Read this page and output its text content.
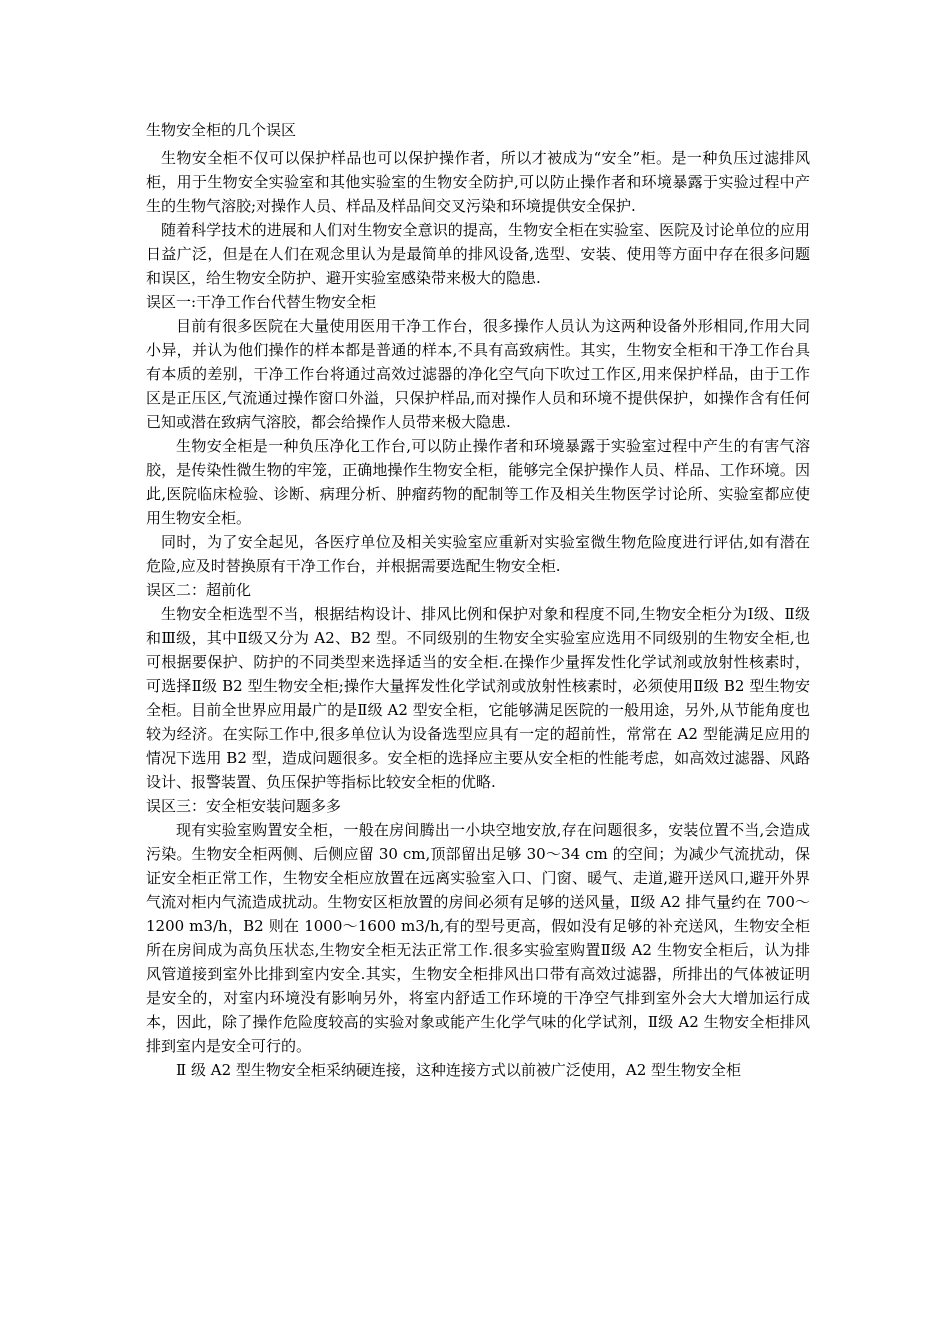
生物安全柜的几个误区

生物安全柜不仅可以保护样品也可以保护操作者，所以才被成为“安全”柜。是一种负压过滤排风柜，用于生物安全实验室和其他实验室的生物安全防护,可以防止操作者和环境暴露于实验过程中产生的生物气溶胶;对操作人员、样品及样品间交叉污染和环境提供安全保护.

随着科学技术的进展和人们对生物安全意识的提高，生物安全柜在实验室、医院及讨论单位的应用日益广泛，但是在人们在观念里认为是最简单的排风设备,选型、安装、使用等方面中存在很多问题和误区，给生物安全防护、避开实验室感染带来极大的隐患.

误区一:干净工作台代替生物安全柜

目前有很多医院在大量使用医用干净工作台，很多操作人员认为这两种设备外形相同,作用大同小异，并认为他们操作的样本都是普通的样本,不具有高致病性。其实，生物安全柜和干净工作台具有本质的差别，干净工作台将通过高效过滤器的净化空气向下吹过工作区,用来保护样品，由于工作区是正压区,气流通过操作窗口外溢，只保护样品,而对操作人员和环境不提供保护，如操作含有任何已知或潜在致病气溶胶，都会给操作人员带来极大隐患.

生物安全柜是一种负压净化工作台,可以防止操作者和环境暴露于实验室过程中产生的有害气溶胶，是传染性微生物的牢笼，正确地操作生物安全柜，能够完全保护操作人员、样品、工作环境。因此,医院临床检验、诊断、病理分析、肿瘤药物的配制等工作及相关生物医学讨论所、实验室都应使用生物安全柜。

同时，为了安全起见，各医疗单位及相关实验室应重新对实验室微生物危险度进行评估,如有潜在危险,应及时替换原有干净工作台，并根据需要选配生物安全柜.

误区二：超前化

生物安全柜选型不当，根据结构设计、排风比例和保护对象和程度不同,生物安全柜分为Ⅰ级、Ⅱ级和Ⅲ级，其中Ⅱ级又分为 A2、B2 型。不同级别的生物安全实验室应选用不同级别的生物安全柜,也可根据要保护、防护的不同类型来选择适当的安全柜.在操作少量挥发性化学试剂或放射性核素时，可选择Ⅱ级 B2 型生物安全柜;操作大量挥发性化学试剂或放射性核素时，必须使用Ⅱ级 B2 型生物安全柜。目前全世界应用最广的是Ⅱ级 A2 型安全柜，它能够满足医院的一般用途，另外,从节能角度也较为经济。在实际工作中,很多单位认为设备选型应具有一定的超前性，常常在 A2 型能满足应用的情况下选用 B2 型，造成问题很多。安全柜的选择应主要从安全柜的性能考虑，如高效过滤器、风路设计、报警装置、负压保护等指标比较安全柜的优略.

误区三：安全柜安装问题多多

现有实验室购置安全柜，一般在房间腾出一小块空地安放,存在问题很多，安装位置不当,会造成污染。生物安全柜两侧、后侧应留 30 cm,顶部留出足够 30～34 cm 的空间；为减少气流扰动，保证安全柜正常工作，生物安全柜应放置在远离实验室入口、门窗、暖气、走道,避开送风口,避开外界气流对柜内气流造成扰动。生物安区柜放置的房间必须有足够的送风量，Ⅱ级 A2 排气量约在 700～1200 m3/h，B2 则在 1000～1600 m3/h,有的型号更高，假如没有足够的补充送风，生物安全柜所在房间成为高负压状态,生物安全柜无法正常工作.很多实验室购置Ⅱ级 A2 生物安全柜后，认为排风管道接到室外比排到室内安全.其实，生物安全柜排风出口带有高效过滤器，所排出的气体被证明是安全的，对室内环境没有影响另外，将室内舒适工作环境的干净空气排到室外会大大增加运行成本，因此，除了操作危险度较高的实验对象或能产生化学气味的化学试剂，Ⅱ级 A2 生物安全柜排风排到室内是安全可行的。

Ⅱ 级 A2 型生物安全柜采纳硬连接，这种连接方式以前被广泛使用，A2 型生物安全柜
